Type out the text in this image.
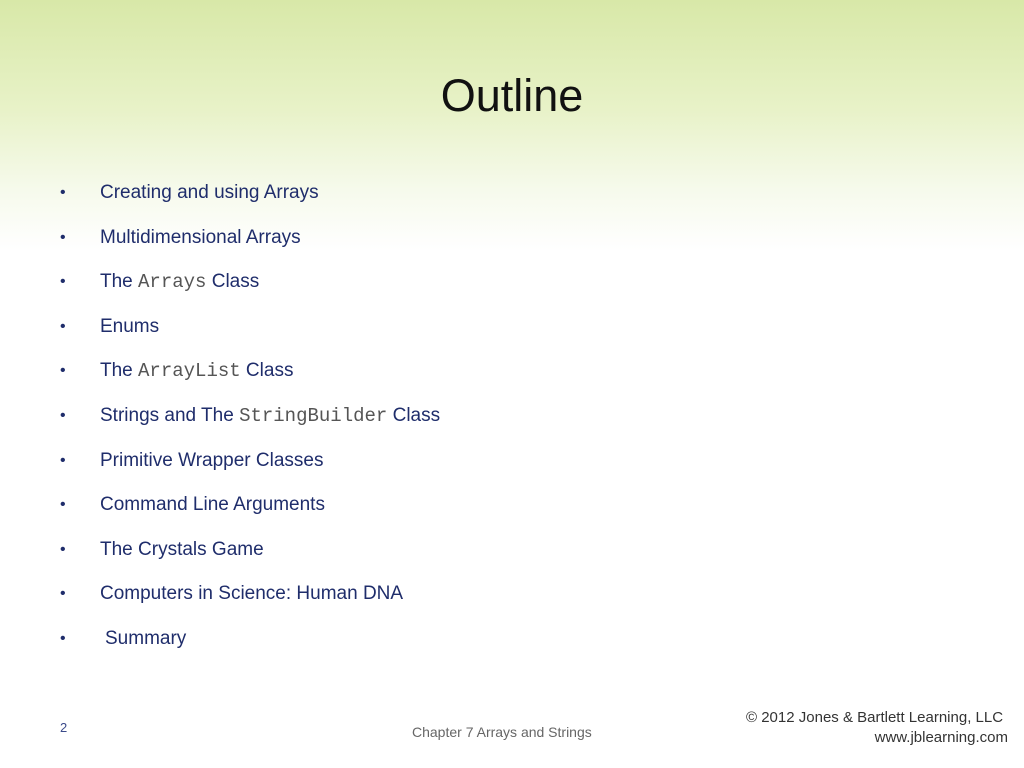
Outline
•	Creating and using Arrays
•	Multidimensional Arrays
•	The Arrays Class
•	Enums
•	The ArrayList Class
•	Strings and The StringBuilder Class
•	Primitive Wrapper Classes
•	Command Line Arguments
•	The Crystals Game
•	Computers in Science: Human DNA
•	Summary
2	Chapter 7 Arrays and Strings
© 2012 Jones & Bartlett Learning, LLC
www.jblearning.com
